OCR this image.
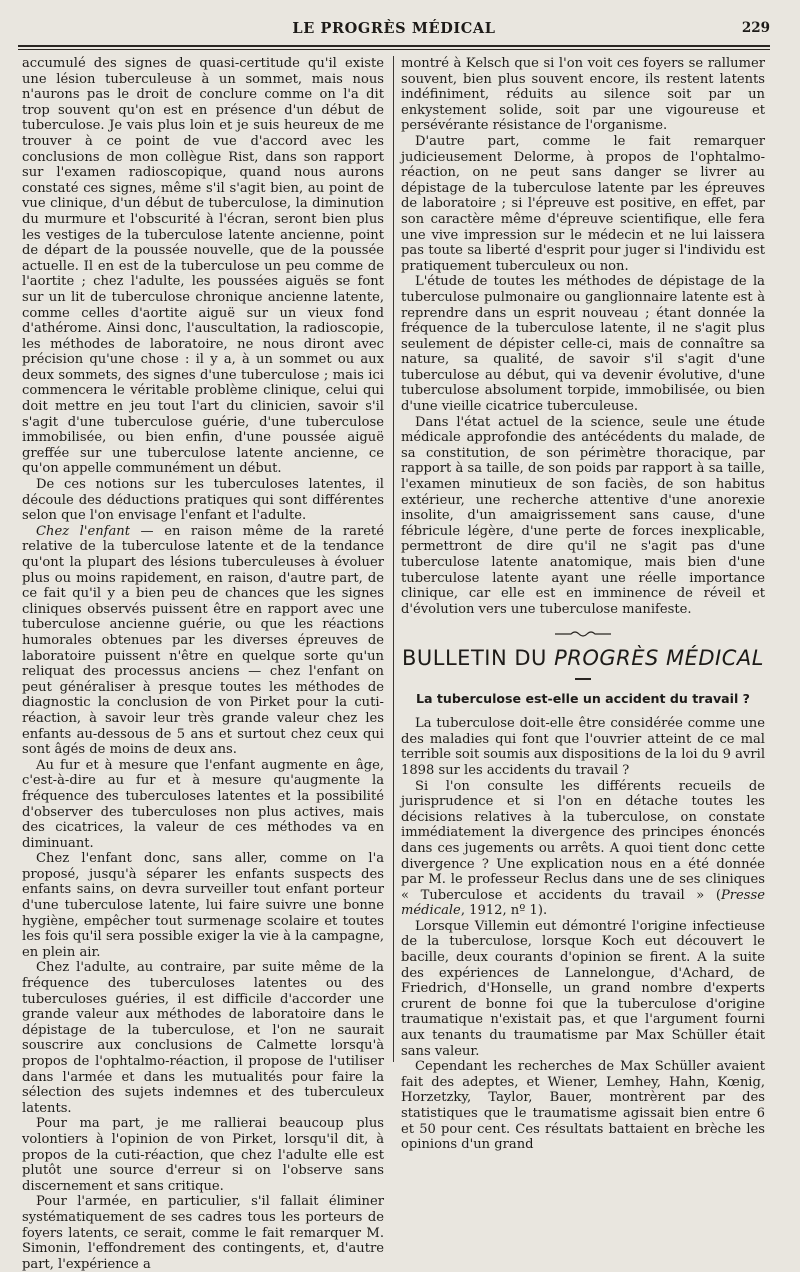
LE PROGRÈS MÉDICAL	229

accumulé des signes de quasi-certitude qu'il existe une lésion tuberculeuse à un sommet, mais nous n'aurons pas le droit de conclure comme on l'a dit trop souvent qu'on est en présence d'un début de tuberculose. Je vais plus loin et je suis heureux de me trouver à ce point de vue d'accord avec les conclusions de mon collègue Rist, dans son rapport sur l'examen radioscopique, quand nous aurons constaté ces signes, même s'il s'agit bien, au point de vue clinique, d'un début de tuberculose, la diminution du murmure et l'obscurité à l'écran, seront bien plus les vestiges de la tuberculose latente ancienne, point de départ de la poussée nouvelle, que de la poussée actuelle. Il en est de la tuberculose un peu comme de l'aortite ; chez l'adulte, les poussées aiguës se font sur un lit de tuberculose chronique ancienne latente, comme celles d'aortite aiguë sur un vieux fond d'athérome. Ainsi donc, l'auscultation, la radioscopie, les méthodes de laboratoire, ne nous diront avec précision qu'une chose : il y a, à un sommet ou aux deux sommets, des signes d'une tuberculose ; mais ici commencera le véritable problème clinique, celui qui doit mettre en jeu tout l'art du clinicien, savoir s'il s'agit d'une tuberculose guérie, d'une tuberculose immobilisée, ou bien enfin, d'une poussée aiguë greffée sur une tuberculose latente ancienne, ce qu'on appelle communément un début.

De ces notions sur les tuberculoses latentes, il découle des déductions pratiques qui sont différentes selon que l'on envisage l'enfant et l'adulte.

Chez l'enfant — en raison même de la rareté relative de la tuberculose latente et de la tendance qu'ont la plupart des lésions tuberculeuses à évoluer plus ou moins rapidement, en raison, d'autre part, de ce fait qu'il y a bien peu de chances que les signes cliniques observés puissent être en rapport avec une tuberculose ancienne guérie, ou que les réactions humorales obtenues par les diverses épreuves de laboratoire puissent n'être en quelque sorte qu'un reliquat des processus anciens — chez l'enfant on peut généraliser à presque toutes les méthodes de diagnostic la conclusion de von Pirket pour la cuti-réaction, à savoir leur très grande valeur chez les enfants au-dessous de 5 ans et surtout chez ceux qui sont âgés de moins de deux ans.

Au fur et à mesure que l'enfant augmente en âge, c'est-à-dire au fur et à mesure qu'augmente la fréquence des tuberculoses latentes et la possibilité d'observer des tuberculoses non plus actives, mais des cicatrices, la valeur de ces méthodes va en diminuant.

Chez l'enfant donc, sans aller, comme on l'a proposé, jusqu'à séparer les enfants suspects des enfants sains, on devra surveiller tout enfant porteur d'une tuberculose latente, lui faire suivre une bonne hygiène, empêcher tout surmenage scolaire et toutes les fois qu'il sera possible exiger la vie à la campagne, en plein air.

Chez l'adulte, au contraire, par suite même de la fréquence des tuberculoses latentes ou des tuberculoses guéries, il est difficile d'accorder une grande valeur aux méthodes de laboratoire dans le dépistage de la tuberculose, et l'on ne saurait souscrire aux conclusions de Calmette lorsqu'à propos de l'ophtalmo-réaction, il propose de l'utiliser dans l'armée et dans les mutualités pour faire la sélection des sujets indemnes et des tuberculeux latents.

Pour ma part, je me rallierai beaucoup plus volontiers à l'opinion de von Pirket, lorsqu'il dit, à propos de la cuti-réaction, que chez l'adulte elle est plutôt une source d'erreur si on l'observe sans discernement et sans critique.

Pour l'armée, en particulier, s'il fallait éliminer systématiquement de ses cadres tous les porteurs de foyers latents, ce serait, comme le fait remarquer M. Simonin, l'effondrement des contingents, et, d'autre part, l'expérience a

montré à Kelsch que si l'on voit ces foyers se rallumer souvent, bien plus souvent encore, ils restent latents indéfiniment, réduits au silence soit par un enkystement solide, soit par une vigoureuse et persévérante résistance de l'organisme.

D'autre part, comme le fait remarquer judicieusement Delorme, à propos de l'ophtalmo-réaction, on ne peut sans danger se livrer au dépistage de la tuberculose latente par les épreuves de laboratoire ; si l'épreuve est positive, en effet, par son caractère même d'épreuve scientifique, elle fera une vive impression sur le médecin et ne lui laissera pas toute sa liberté d'esprit pour juger si l'individu est pratiquement tuberculeux ou non.

L'étude de toutes les méthodes de dépistage de la tuberculose pulmonaire ou ganglionnaire latente est à reprendre dans un esprit nouveau ; étant donnée la fréquence de la tuberculose latente, il ne s'agit plus seulement de dépister celle-ci, mais de connaître sa nature, sa qualité, de savoir s'il s'agit d'une tuberculose au début, qui va devenir évolutive, d'une tuberculose absolument torpide, immobilisée, ou bien d'une vieille cicatrice tuberculeuse.

Dans l'état actuel de la science, seule une étude médicale approfondie des antécédents du malade, de sa constitution, de son périmètre thoracique, par rapport à sa taille, de son poids par rapport à sa taille, l'examen minutieux de son faciès, de son habitus extérieur, une recherche attentive d'une anorexie insolite, d'un amaigrissement sans cause, d'une fébricule légère, d'une perte de forces inexplicable, permettront de dire qu'il ne s'agit pas d'une tuberculose latente anatomique, mais bien d'une tuberculose latente ayant une réelle importance clinique, car elle est en imminence de réveil et d'évolution vers une tuberculose manifeste.

BULLETIN DU PROGRÈS MÉDICAL
La tuberculose est-elle un accident du travail ?

La tuberculose doit-elle être considérée comme une des maladies qui font que l'ouvrier atteint de ce mal terrible soit soumis aux dispositions de la loi du 9 avril 1898 sur les accidents du travail ?

Si l'on consulte les différents recueils de jurisprudence et si l'on en détache toutes les décisions relatives à la tuberculose, on constate immédiatement la divergence des principes énoncés dans ces jugements ou arrêts. A quoi tient donc cette divergence ? Une explication nous en a été donnée par M. le professeur Reclus dans une de ses cliniques « Tuberculose et accidents du travail » (Presse médicale, 1912, nº 1).

Lorsque Villemin eut démontré l'origine infectieuse de la tuberculose, lorsque Koch eut découvert le bacille, deux courants d'opinion se firent. A la suite des expériences de Lannelongue, d'Achard, de Friedrich, d'Honselle, un grand nombre d'experts crurent de bonne foi que la tuberculose d'origine traumatique n'existait pas, et que l'argument fourni aux tenants du traumatisme par Max Schüller était sans valeur.

Cependant les recherches de Max Schüller avaient fait des adeptes, et Wiener, Lemhey, Hahn, Kœnig, Horzetzky, Taylor, Bauer, montrèrent par des statistiques que le traumatisme agissait bien entre 6 et 50 pour cent. Ces résultats battaient en brèche les opinions d'un grand
